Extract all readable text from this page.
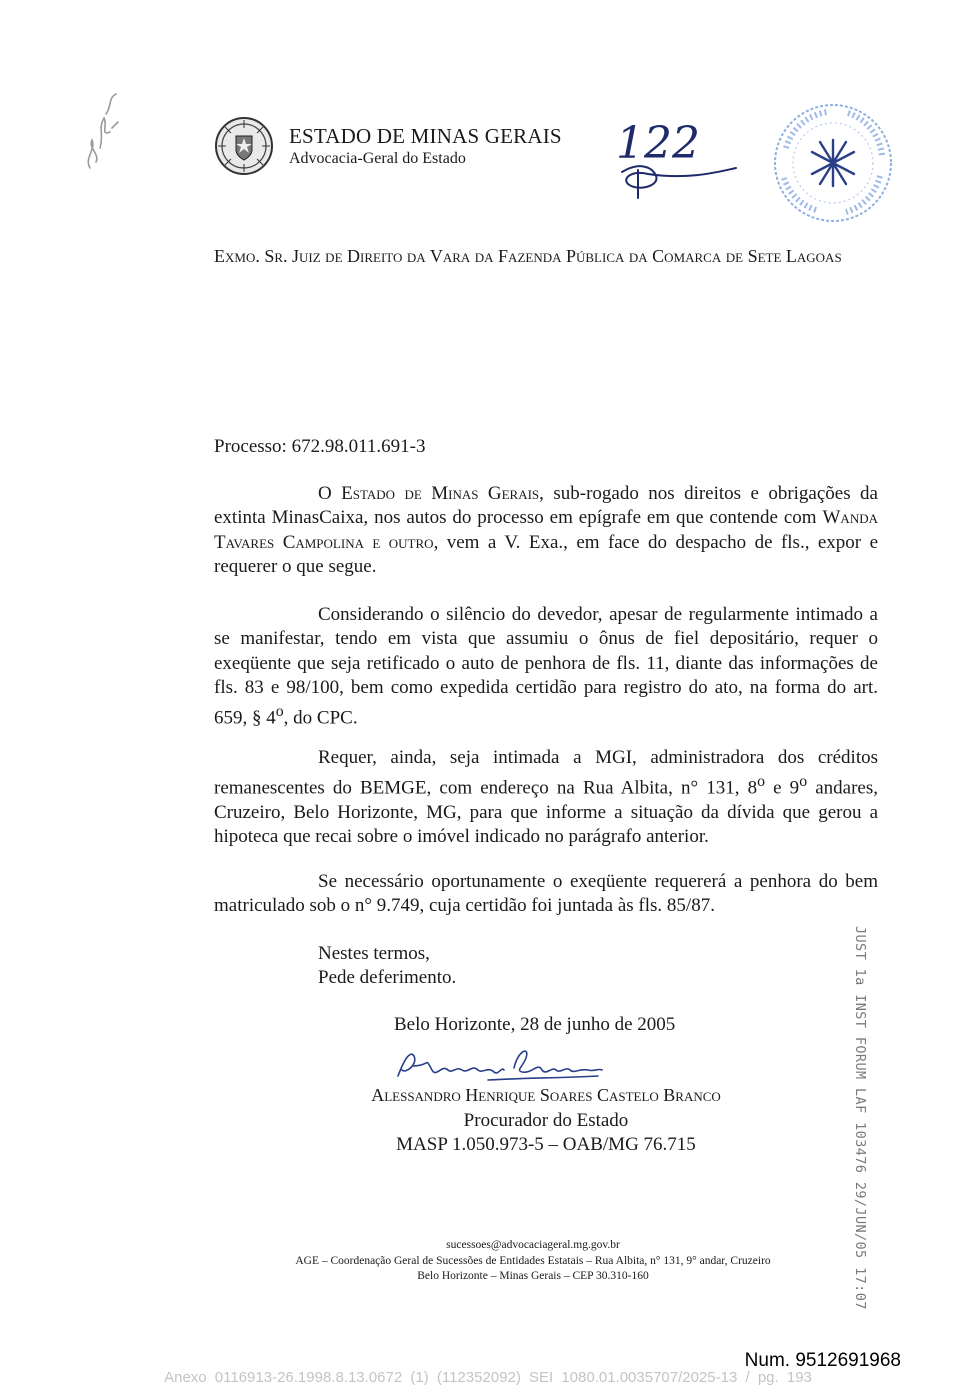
ESTADO DE MINAS GERAIS
Advocacia-Geral do Estado	122
Exmo. Sr. Juiz de Direito da Vara da Fazenda Pública da Comarca de Sete Lagoas
Processo: 672.98.011.691-3
O Estado de Minas Gerais, sub-rogado nos direitos e obrigações da extinta MinasCaixa, nos autos do processo em epígrafe em que contende com Wanda Tavares Campolina e outro, vem a V. Exa., em face do despacho de fls., expor e requerer o que segue.
Considerando o silêncio do devedor, apesar de regularmente intimado a se manifestar, tendo em vista que assumiu o ônus de fiel depositário, requer o exeqüente que seja retificado o auto de penhora de fls. 11, diante das informações de fls. 83 e 98/100, bem como expedida certidão para registro do ato, na forma do art. 659, § 4$^o$, do CPC.
Requer, ainda, seja intimada a MGI, administradora dos créditos remanescentes do BEMGE, com endereço na Rua Albita, n° 131, 8$^o$ e 9$^o$ andares, Cruzeiro, Belo Horizonte, MG, para que informe a situação da dívida que gerou a hipoteca que recai sobre o imóvel indicado no parágrafo anterior.
Se necessário oportunamente o exeqüente requererá a penhora do bem matriculado sob o n° 9.749, cuja certidão foi juntada às fls. 85/87.
Nestes termos,
Pede deferimento.
Belo Horizonte, 28 de junho de 2005
Alessandro Henrique Soares Castelo Branco
Procurador do Estado
MASP 1.050.973-5 – OAB/MG 76.715	JUST 1a INST FORUM LAF 103476 29/JUN/05 17:07
sucessoes@advocaciageral.mg.gov.br
AGE – Coordenação Geral de Sucessões de Entidades Estatais – Rua Albita, n° 131, 9° andar, Cruzeiro
Belo Horizonte – Minas Gerais – CEP 30.310-160
Num. 9512691968
Anexo 0116913-26.1998.8.13.0672 (1) (112352092) SEI 1080.01.0035707/2025-13 / pg. 193
